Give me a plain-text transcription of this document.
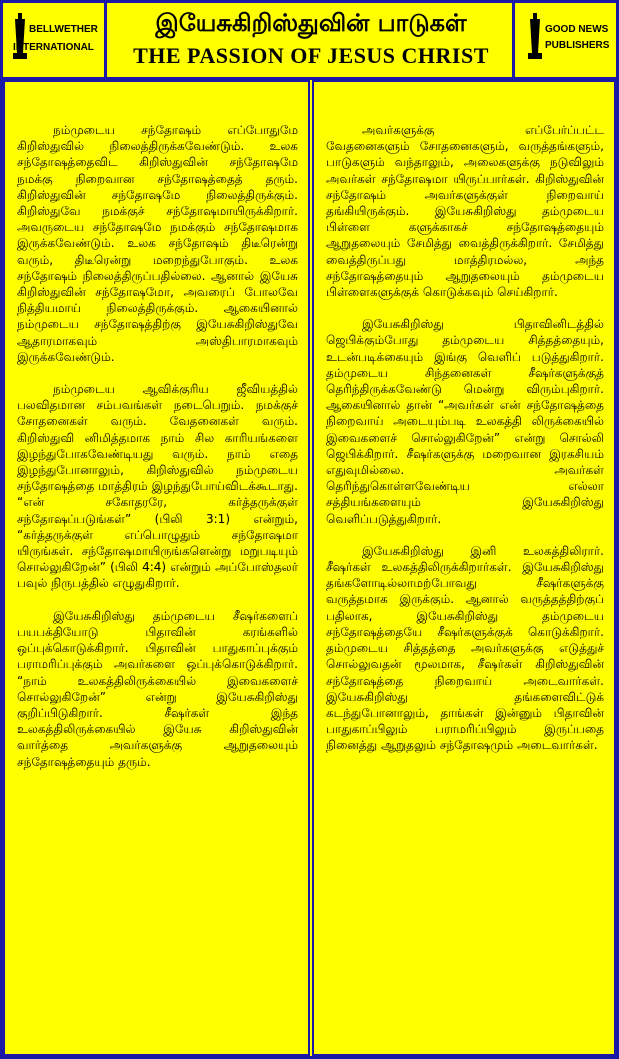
BELLWETHER
INTERNATIONAL
இயேசுகிறிஸ்துவின் பாடுகள்
THE PASSION OF JESUS CHRIST
GOOD NEWS
PUBLISHERS

நம்முடைய சந்தோஷம் எப்போதுமே கிறிஸ்துவில் நிலைத்திருக்கவேண்டும். உலக சந்தோஷத்தைவிட கிறிஸ்துவின் சந்தோஷமே நமக்கு நிறைவான சந்தோஷத்தைத் தரும். கிறிஸ்துவின் சந்தோஷமே நிலைத்திருக்கும். கிறிஸ்துவே நமக்குச் சந்தோஷமாயிருக்கிறார். அவருடைய சந்தோஷமே நமக்கும் சந்தோஷமாக இருக்கவேண்டும். உலக சந்தோஷம் திடீரென்று வரும், திடீரென்று மறைந்துபோகும். உலக சந்தோஷம் நிலைத்திருப்பதில்லை. ஆனால் இயேசு கிறிஸ்துவின் சந்தோஷமோ, அவரைப் போலவே நித்தியமாய் நிலைத்திருக்கும். ஆகையினால் நம்முடைய சந்தோஷத்திற்கு இயேசுகிறிஸ்துவே ஆதாரமாகவும் அஸ்திபாரமாகவும் இருக்கவேண்டும்.

நம்முடைய ஆவிக்குரிய ஜீவியத்தில் பலவிதமான சம்பவங்கள் நடைபெறும். நமக்குச் சோதனைகள் வரும். வேதனைகள் வரும். கிறிஸ்துவி னிமித்தமாக நாம் சில காரியங்களை இழந்துபோகவேண்டியது வரும். நாம் எதை இழந்துபோனாலும், கிறிஸ்துவில் நம்முடைய சந்தோஷத்தை மாத்திரம் இழந்துபோய்விடக்கூடாது. “என் சகோதரரே, கர்த்தருக்குள் சந்தோஷப்படுங்கள்” (பிலி 3:1) என்றும், “கர்த்தருக்குள் எப்பொழுதும் சந்தோஷமா யிருங்கள். சந்தோஷமாயிருங்களென்று மறுபடியும் சொல்லுகிறேன்” (பிலி 4:4) என்றும் அப்போஸ்தலர் பவுல் நிருபத்தில் எழுதுகிறார்.

இயேசுகிறிஸ்து தம்முடைய சீஷர்களைப் பயபக்தியோடு பிதாவின் கரங்களில் ஒப்புக்கொடுக்கிறார். பிதாவின் பாதுகாப்புக்கும் பராமரிப்புக்கும் அவர்களை ஒப்புக்கொடுக்கிறார். “நாம் உலகத்திலிருக்கையில் இவைகளைச் சொல்லுகிறேன்” என்று இயேசுகிறிஸ்து குறிப்பிடுகிறார். சீஷர்கள் இந்த உலகத்திலிருக்கையில் இயேசு கிறிஸ்துவின் வார்த்தை அவர்களுக்கு ஆறுதலையும் சந்தோஷத்தையும் தரும்.

அவர்களுக்கு எப்பேர்ப்பட்ட வேதனைகளும் சோதனைகளும், வருத்தங்களும், பாடுகளும் வந்தாலும், அலைகளுக்கு நடுவிலும் அவர்கள் சந்தோஷமா யிருப்பார்கள். கிறிஸ்துவின் சந்தோஷம் அவர்களுக்குள் நிறைவாய் தங்கியிருக்கும். இயேசுகிறிஸ்து தம்முடைய பிள்ளை களுக்காகச் சந்தோஷத்தையும் ஆறுதலையும் சேமித்து வைத்திருக்கிறார். சேமித்து வைத்திருப்பது மாத்திரமல்ல, அந்த சந்தோஷத்தையும் ஆறுதலையும் தம்முடைய பிள்ளைகளுக்குக் கொடுக்கவும் செய்கிறார்.

இயேசுகிறிஸ்து பிதாவினிடத்தில் ஜெபிக்கும்போது தம்முடைய சித்தத்தையும், உடன்படிக்கையும் இங்கு வெளிப் படுத்துகிறார். தம்முடைய சிந்தனைகள் சீஷர்களுக்குத் தெரிந்திருக்கவேண்டு மென்று விரும்புகிறார். ஆகையினால் தான் “அவர்கள் என் சந்தோஷத்தை நிறைவாய் அடையும்படி உலகத்தி லிருக்கையில் இவைகளைச் சொல்லுகிறேன்” என்று சொல்லி ஜெபிக்கிறார். சீஷர்களுக்கு மறைவான இரகசியம் எதுவுமில்லை. அவர்கள் தெரிந்துகொள்ளவேண்டிய எல்லா சத்தியங்களையும் இயேசுகிறிஸ்து வெளிப்படுத்துகிறார்.

இயேசுகிறிஸ்து இனி உலகத்திலிரார். சீஷர்கள் உலகத்திலிருக்கிறார்கள். இயேசுகிறிஸ்து தங்களோடில்லாமற்போவது சீஷர்களுக்கு வருத்தமாக இருக்கும். ஆனால் வருத்தத்திற்குப் பதிலாக, இயேசுகிறிஸ்து தம்முடைய சந்தோஷத்தையே சீஷர்களுக்குக் கொடுக்கிறார். தம்முடைய சித்தத்தை அவர்களுக்கு எடுத்துச் சொல்லுவதன் மூலமாக, சீஷர்கள் கிறிஸ்துவின் சந்தோஷத்தை நிறைவாய் அடைவார்கள். இயேசுகிறிஸ்து தங்களைவிட்டுக் கடந்துபோனாலும், தாங்கள் இன்னும் பிதாவின் பாதுகாப்பிலும் பராமரிப்பிலும் இருப்பதை நினைத்து ஆறுதலும் சந்தோஷமும் அடைவார்கள்.
